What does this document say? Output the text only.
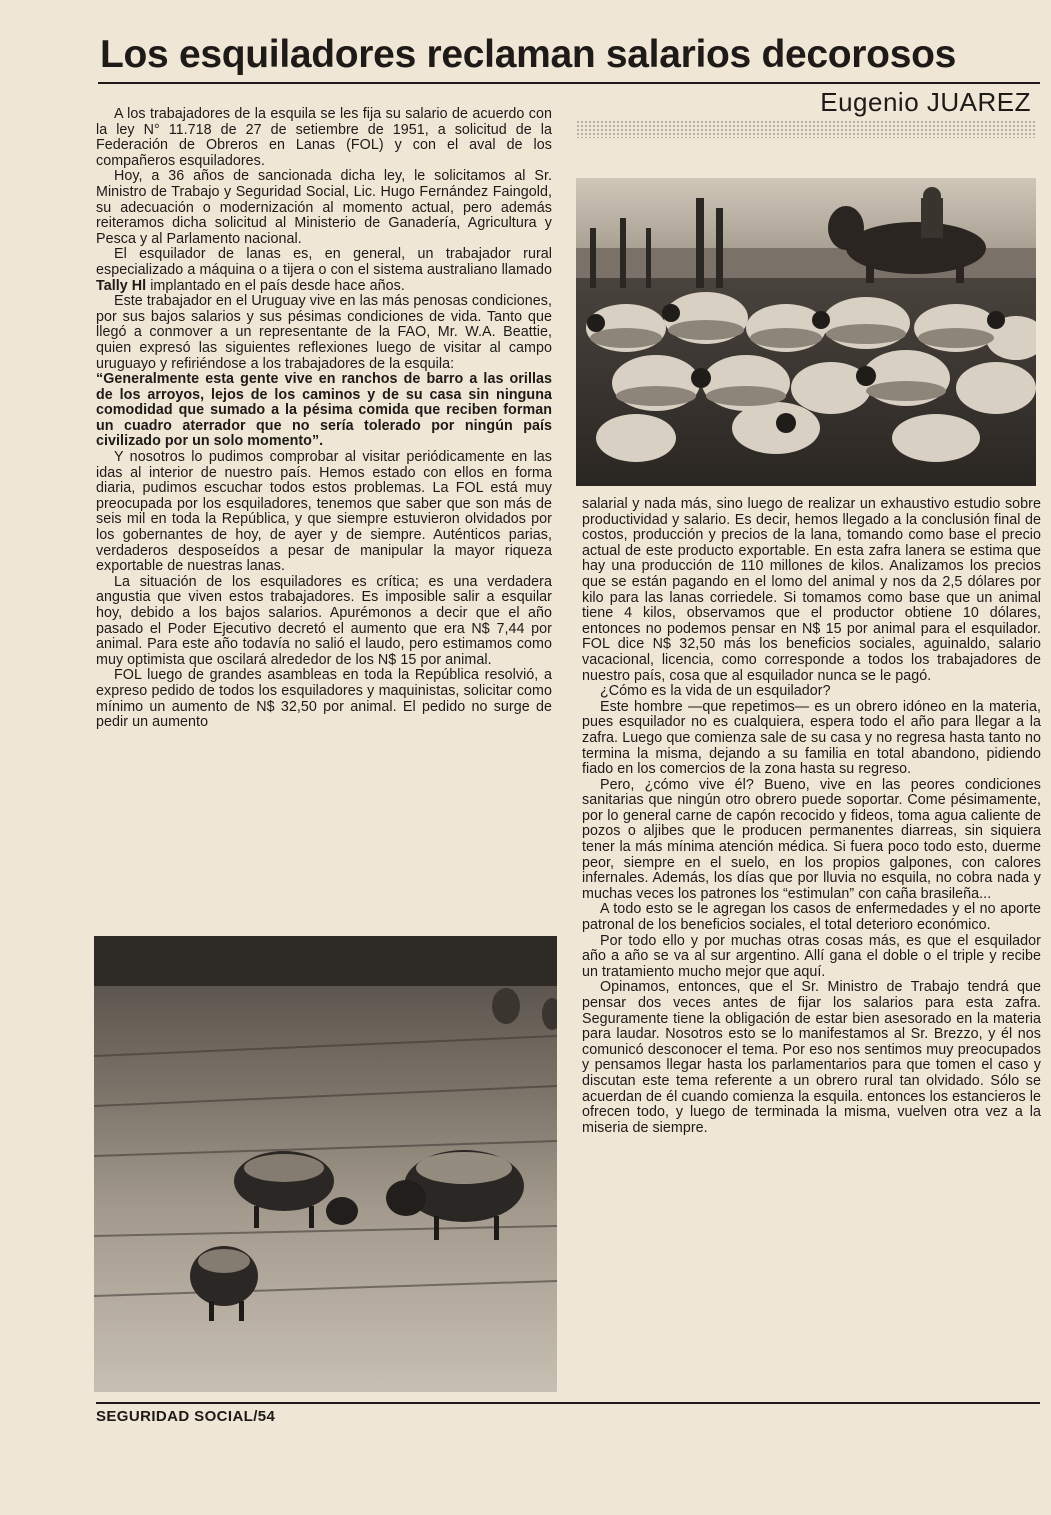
Los esquiladores reclaman salarios decorosos
Eugenio JUAREZ

A los trabajadores de la esquila se les fija su salario de acuerdo con la ley N° 11.718 de 27 de setiembre de 1951, a solicitud de la Federación de Obreros en Lanas (FOL) y con el aval de los compañeros esquiladores.

Hoy, a 36 años de sancionada dicha ley, le solicitamos al Sr. Ministro de Trabajo y Seguridad Social, Lic. Hugo Fernández Faingold, su adecuación o modernización al momento actual, pero además reiteramos dicha solicitud al Ministerio de Ganadería, Agricultura y Pesca y al Parlamento nacional.

El esquilador de lanas es, en general, un trabajador rural especializado a máquina o a tijera o con el sistema australiano llamado Tally Hl implantado en el país desde hace años.

Este trabajador en el Uruguay vive en las más penosas condiciones, por sus bajos salarios y sus pésimas condiciones de vida. Tanto que llegó a conmover a un representante de la FAO, Mr. W.A. Beattie, quien expresó las siguientes reflexiones luego de visitar al campo uruguayo y refiriéndose a los trabajadores de la esquila:

“Generalmente esta gente vive en ranchos de barro a las orillas de los arroyos, lejos de los caminos y de su casa sin ninguna comodidad que sumado a la pésima comida que reciben forman un cuadro aterrador que no sería tolerado por ningún país civilizado por un solo momento”.

Y nosotros lo pudimos comprobar al visitar periódicamente en las idas al interior de nuestro país. Hemos estado con ellos en forma diaria, pudimos escuchar todos estos problemas. La FOL está muy preocupada por los esquiladores, tenemos que saber que son más de seis mil en toda la República, y que siempre estuvieron olvidados por los gobernantes de hoy, de ayer y de siempre. Auténticos parias, verdaderos desposeídos a pesar de manipular la mayor riqueza exportable de nuestras lanas.

La situación de los esquiladores es crítica; es una verdadera angustia que viven estos trabajadores. Es imposible salir a esquilar hoy, debido a los bajos salarios. Apurémonos a decir que el año pasado el Poder Ejecutivo decretó el aumento que era N$ 7,44 por animal. Para este año todavía no salió el laudo, pero estimamos como muy optimista que oscilará alrededor de los N$ 15 por animal.

FOL luego de grandes asambleas en toda la República resolvió, a expreso pedido de todos los esquiladores y maquinistas, solicitar como mínimo un aumento de N$ 32,50 por animal. El pedido no surge de pedir un aumento

salarial y nada más, sino luego de realizar un exhaustivo estudio sobre productividad y salario. Es decir, hemos llegado a la conclusión final de costos, producción y precios de la lana, tomando como base el precio actual de este producto exportable. En esta zafra lanera se estima que hay una producción de 110 millones de kilos. Analizamos los precios que se están pagando en el lomo del animal y nos da 2,5 dólares por kilo para las lanas corriedele. Si tomamos como base que un animal tiene 4 kilos, observamos que el productor obtiene 10 dólares, entonces no podemos pensar en N$ 15 por animal para el esquilador. FOL dice N$ 32,50 más los beneficios sociales, aguinaldo, salario vacacional, licencia, como corresponde a todos los trabajadores de nuestro país, cosa que al esquilador nunca se le pagó.

¿Cómo es la vida de un esquilador?

Este hombre —que repetimos— es un obrero idóneo en la materia, pues esquilador no es cualquiera, espera todo el año para llegar a la zafra. Luego que comienza sale de su casa y no regresa hasta tanto no termina la misma, dejando a su familia en total abandono, pidiendo fiado en los comercios de la zona hasta su regreso.

Pero, ¿cómo vive él? Bueno, vive en las peores condiciones sanitarias que ningún otro obrero puede soportar. Come pésimamente, por lo general carne de capón recocido y fideos, toma agua caliente de pozos o aljibes que le producen permanentes diarreas, sin siquiera tener la más mínima atención médica. Si fuera poco todo esto, duerme peor, siempre en el suelo, en los propios galpones, con calores infernales. Además, los días que por lluvia no esquila, no cobra nada y muchas veces los patrones los “estimulan” con caña brasileña...

A todo esto se le agregan los casos de enfermedades y el no aporte patronal de los beneficios sociales, el total deterioro económico.

Por todo ello y por muchas otras cosas más, es que el esquilador año a año se va al sur argentino. Allí gana el doble o el triple y recibe un tratamiento mucho mejor que aquí.

Opinamos, entonces, que el Sr. Ministro de Trabajo tendrá que pensar dos veces antes de fijar los salarios para esta zafra. Seguramente tiene la obligación de estar bien asesorado en la materia para laudar. Nosotros esto se lo manifestamos al Sr. Brezzo, y él nos comunicó desconocer el tema. Por eso nos sentimos muy preocupados y pensamos llegar hasta los parlamentarios para que tomen el caso y discutan este tema referente a un obrero rural tan olvidado. Sólo se acuerdan de él cuando comienza la esquila. entonces los estancieros le ofrecen todo, y luego de terminada la misma, vuelven otra vez a la miseria de siempre.

SEGURIDAD SOCIAL/54
